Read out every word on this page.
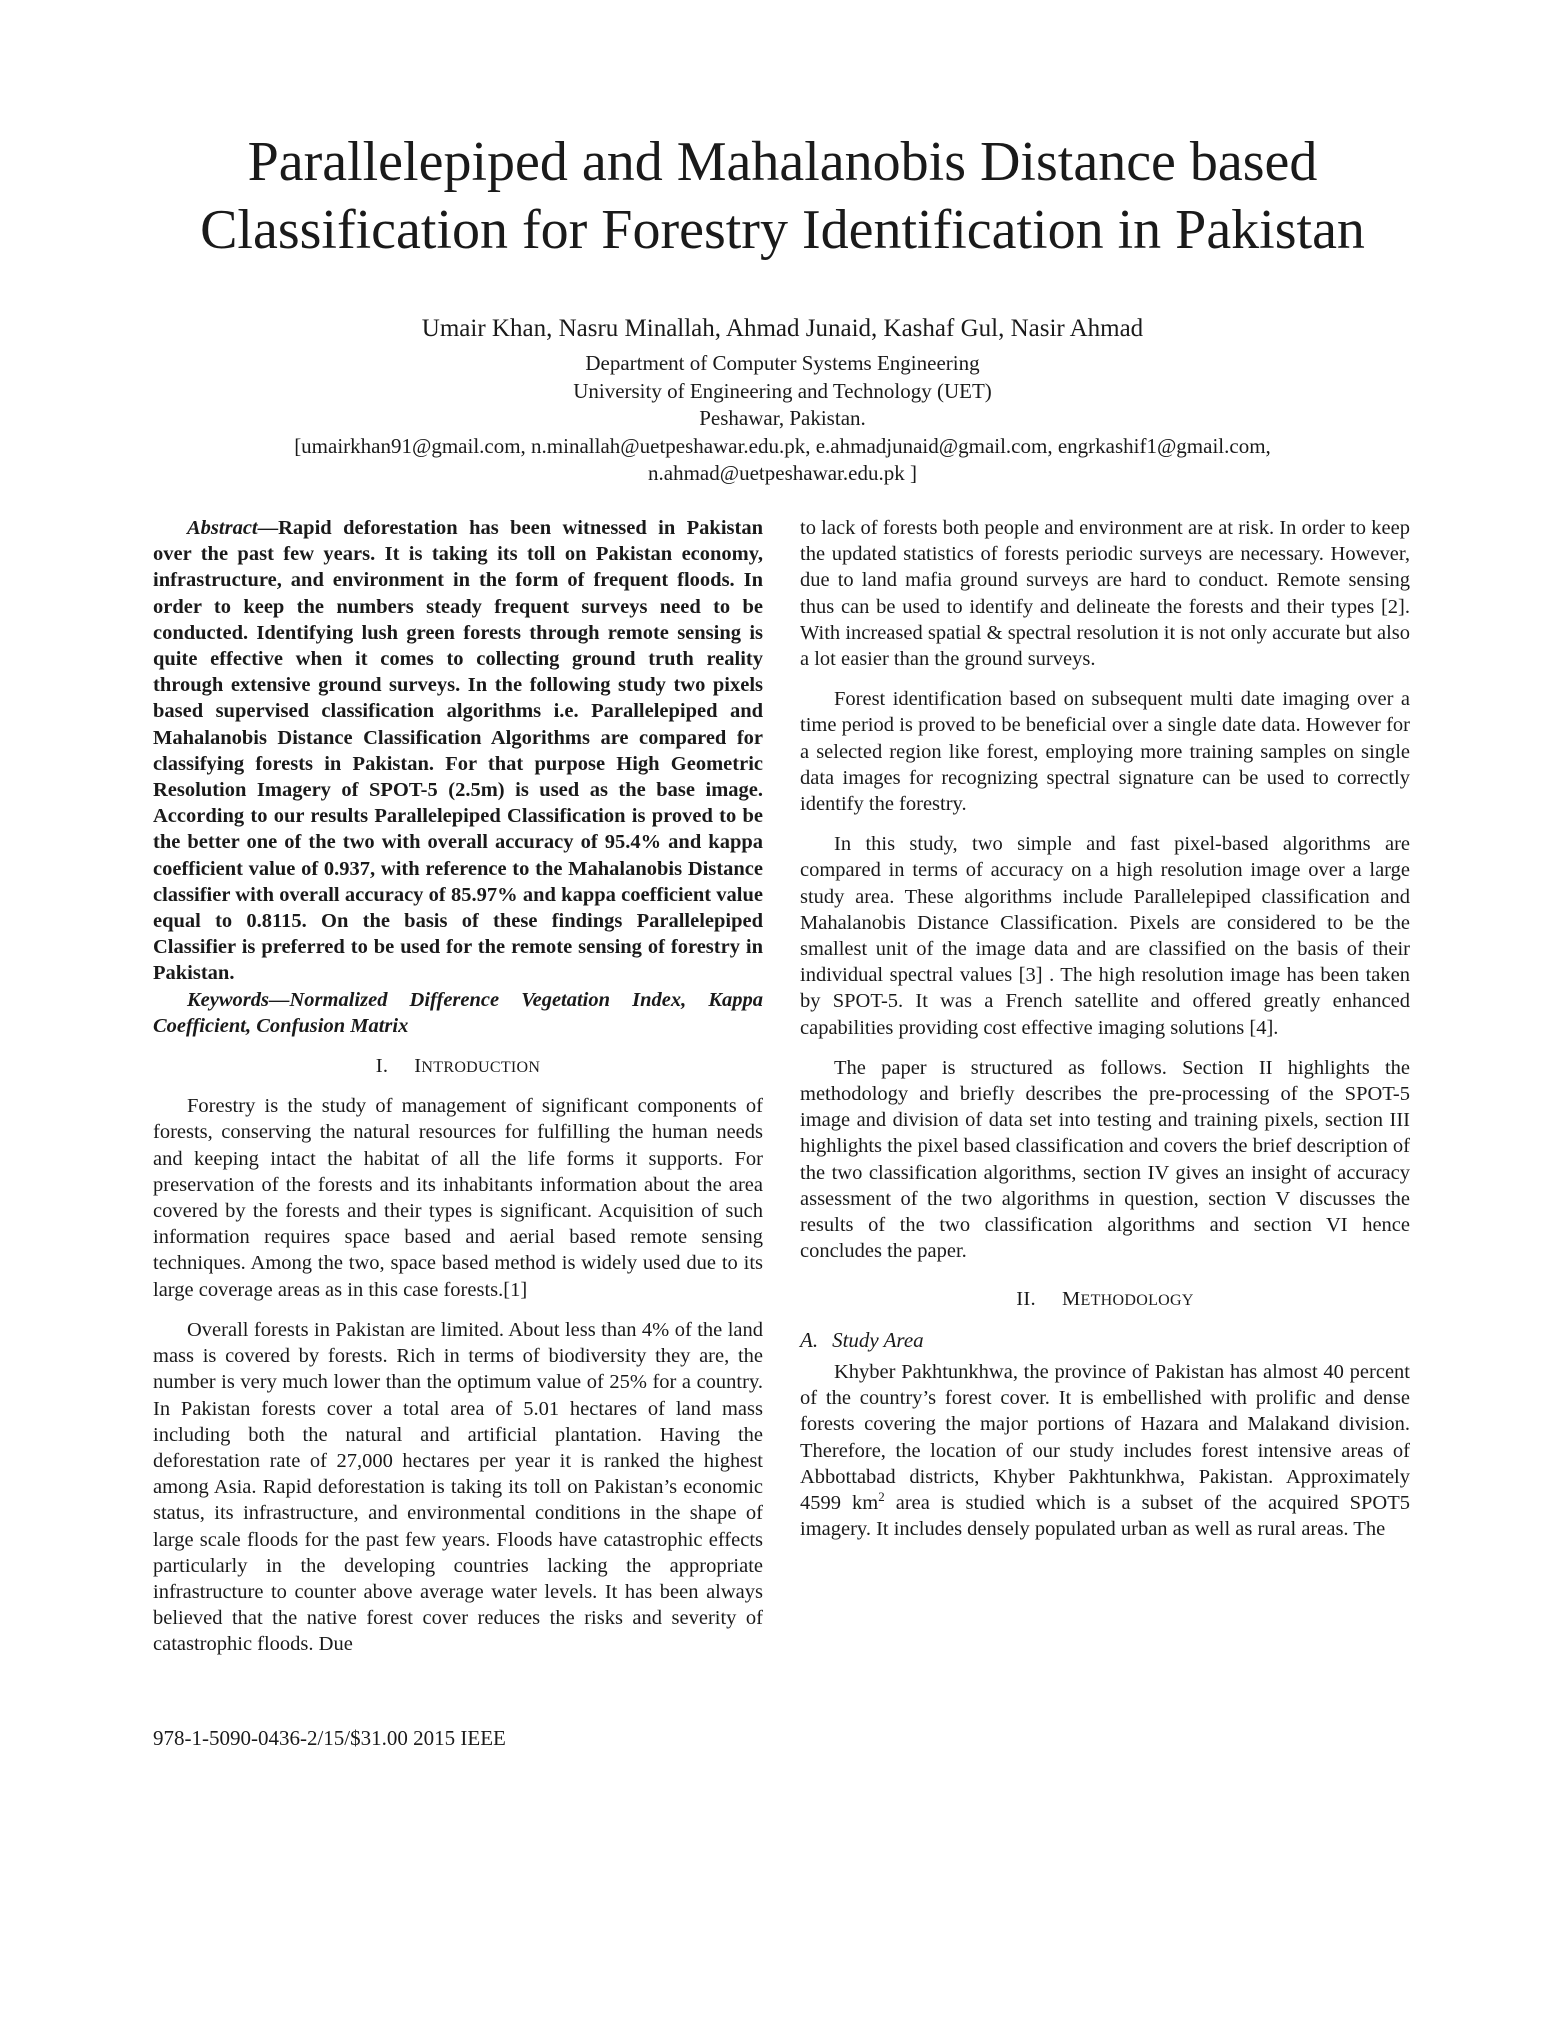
Parallelepiped and Mahalanobis Distance based
Classification for Forestry Identification in Pakistan
Umair Khan, Nasru Minallah, Ahmad Junaid, Kashaf Gul, Nasir Ahmad
Department of Computer Systems Engineering
University of Engineering and Technology (UET)
Peshawar, Pakistan.
[umairkhan91@gmail.com, n.minallah@uetpeshawar.edu.pk, e.ahmadjunaid@gmail.com, engrkashif1@gmail.com,
n.ahmad@uetpeshawar.edu.pk ]

Abstract—Rapid deforestation has been witnessed in Pakistan over the past few years. It is taking its toll on Pakistan economy, infrastructure, and environment in the form of frequent floods. In order to keep the numbers steady frequent surveys need to be conducted. Identifying lush green forests through remote sensing is quite effective when it comes to collecting ground truth reality through extensive ground surveys. In the following study two pixels based supervised classification algorithms i.e. Parallelepiped and Mahalanobis Distance Classification Algorithms are compared for classifying forests in Pakistan. For that purpose High Geometric Resolution Imagery of SPOT-5 (2.5m) is used as the base image. According to our results Parallelepiped Classification is proved to be the better one of the two with overall accuracy of 95.4% and kappa coefficient value of 0.937, with reference to the Mahalanobis Distance classifier with overall accuracy of 85.97% and kappa coefficient value equal to 0.8115. On the basis of these findings Parallelepiped Classifier is preferred to be used for the remote sensing of forestry in Pakistan.

Keywords—Normalized Difference Vegetation Index, Kappa Coefficient, Confusion Matrix

I. INTRODUCTION

Forestry is the study of management of significant components of forests, conserving the natural resources for fulfilling the human needs and keeping intact the habitat of all the life forms it supports. For preservation of the forests and its inhabitants information about the area covered by the forests and their types is significant. Acquisition of such information requires space based and aerial based remote sensing techniques. Among the two, space based method is widely used due to its large coverage areas as in this case forests.[1]

Overall forests in Pakistan are limited. About less than 4% of the land mass is covered by forests. Rich in terms of biodiversity they are, the number is very much lower than the optimum value of 25% for a country. In Pakistan forests cover a total area of 5.01 hectares of land mass including both the natural and artificial plantation. Having the deforestation rate of 27,000 hectares per year it is ranked the highest among Asia. Rapid deforestation is taking its toll on Pakistan’s economic status, its infrastructure, and environmental conditions in the shape of large scale floods for the past few years. Floods have catastrophic effects particularly in the developing countries lacking the appropriate infrastructure to counter above average water levels. It has been always believed that the native forest cover reduces the risks and severity of catastrophic floods. Due

to lack of forests both people and environment are at risk. In order to keep the updated statistics of forests periodic surveys are necessary. However, due to land mafia ground surveys are hard to conduct. Remote sensing thus can be used to identify and delineate the forests and their types [2]. With increased spatial & spectral resolution it is not only accurate but also a lot easier than the ground surveys.

Forest identification based on subsequent multi date imaging over a time period is proved to be beneficial over a single date data. However for a selected region like forest, employing more training samples on single data images for recognizing spectral signature can be used to correctly identify the forestry.

In this study, two simple and fast pixel-based algorithms are compared in terms of accuracy on a high resolution image over a large study area. These algorithms include Parallelepiped classification and Mahalanobis Distance Classification. Pixels are considered to be the smallest unit of the image data and are classified on the basis of their individual spectral values [3] . The high resolution image has been taken by SPOT-5. It was a French satellite and offered greatly enhanced capabilities providing cost effective imaging solutions [4].

The paper is structured as follows. Section II highlights the methodology and briefly describes the pre-processing of the SPOT-5 image and division of data set into testing and training pixels, section III highlights the pixel based classification and covers the brief description of the two classification algorithms, section IV gives an insight of accuracy assessment of the two algorithms in question, section V discusses the results of the two classification algorithms and section VI hence concludes the paper.

II. METHODOLOGY
A. Study Area

Khyber Pakhtunkhwa, the province of Pakistan has almost 40 percent of the country’s forest cover. It is embellished with prolific and dense forests covering the major portions of Hazara and Malakand division. Therefore, the location of our study includes forest intensive areas of Abbottabad districts, Khyber Pakhtunkhwa, Pakistan. Approximately 4599 $km^2$ area is studied which is a subset of the acquired SPOT5 imagery. It includes densely populated urban as well as rural areas. The

978-1-5090-0436-2/15/$31.00 2015 IEEE
